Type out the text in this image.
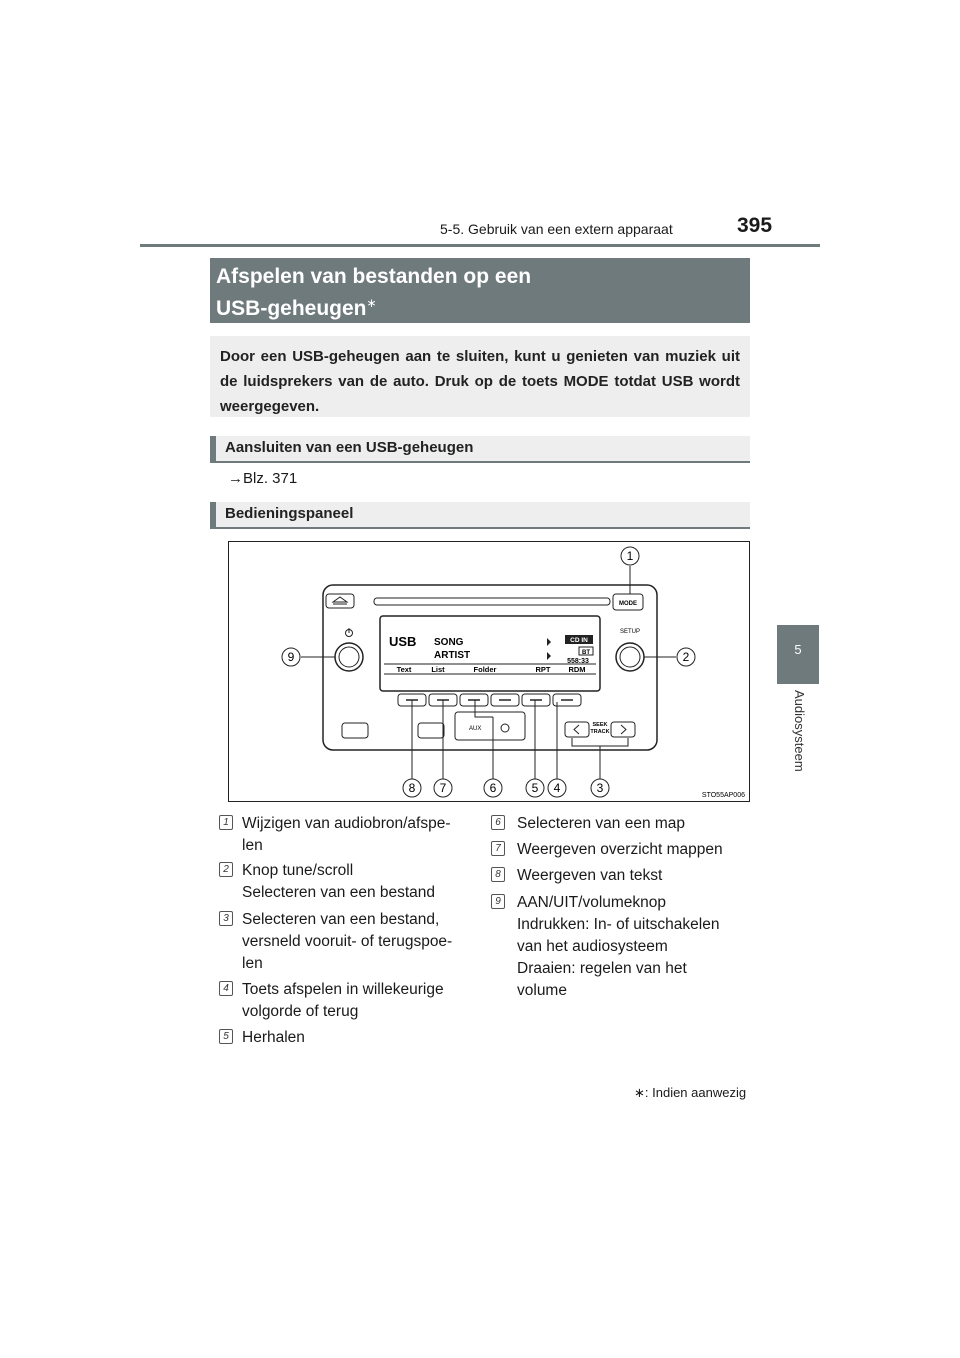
5-5. Gebruik van een extern apparaat	395
5
Audiosysteem
Afspelen van bestanden op een
USB-geheugen∗
Door een USB-geheugen aan te sluiten, kunt u genieten van muziek uit de luidsprekers van de auto. Druk op de toets MODE totdat USB wordt weergegeven.
Aansluiten van een USB-geheugen
→Blz. 371
Bedieningspaneel
MODE
SETUP
USB SONG
ARTIST
CD IN
BT
558:33
Text	List	Folder	RPT RDM
AUX
SEEK
TRACK
1
2
3
4
5
6
7
8
9
STO55AP006
1 Wijzigen van audiobron/afspe-
len
2 Knop tune/scroll
Selecteren van een bestand
3 Selecteren van een bestand,
versneld vooruit- of terugspoe-
len
4 Toets afspelen in willekeurige
volgorde of terug
5 Herhalen
6 Selecteren van een map
7 Weergeven overzicht mappen
8 Weergeven van tekst
9 AAN/UIT/volumeknop
Indrukken: In- of uitschakelen
van het audiosysteem
Draaien: regelen van het
volume
∗: Indien aanwezig
